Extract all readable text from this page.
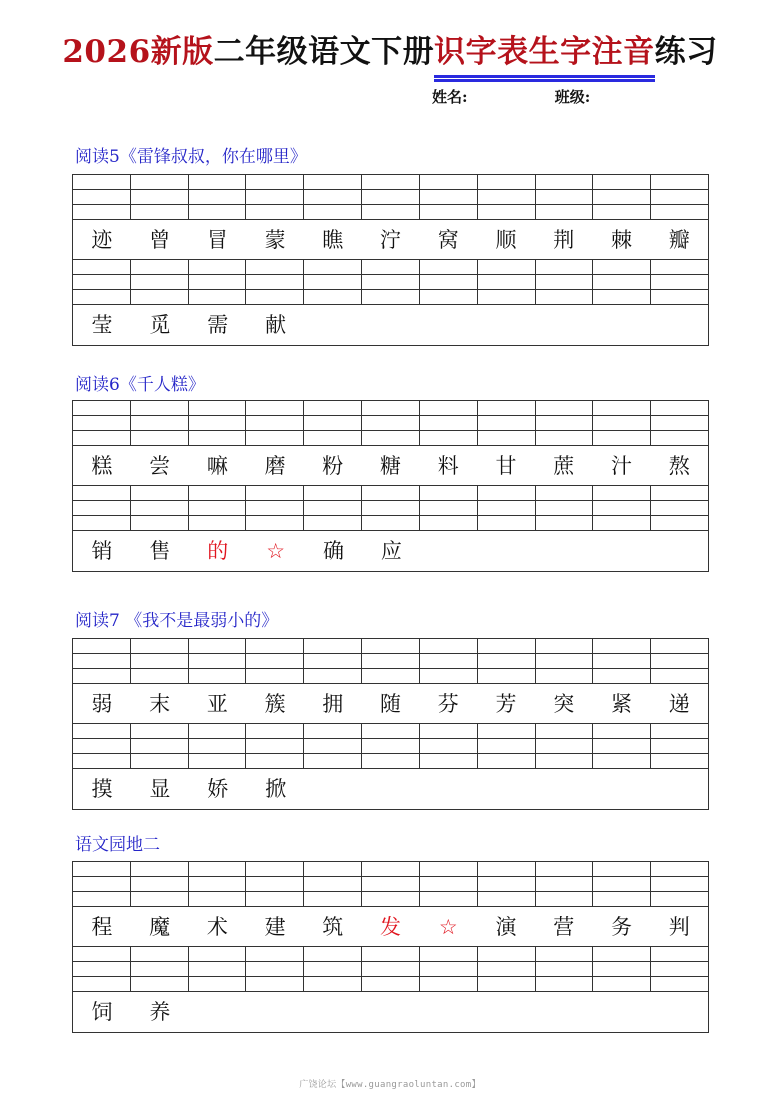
2026新版二年级语文下册识字表生字注音练习
姓名:	班级:
阅读5《雷锋叔叔，你在哪里》
迹	曾	冒	蒙	瞧	泞	窝	顺	荆	棘	瓣
莹	觅	需	献
阅读6《千人糕》
糕	尝	嘛	磨	粉	糖	料	甘	蔗	汁	熬
销	售	的	☆	确	应
阅读7 《我不是最弱小的》
弱	末	亚	簇	拥	随	芬	芳	突	紧	递
摸	显	娇	掀
语文园地二
程	魔	术	建	筑	发	☆	演	营	务	判
饲	养
广饶论坛【www.guangraoluntan.com】
